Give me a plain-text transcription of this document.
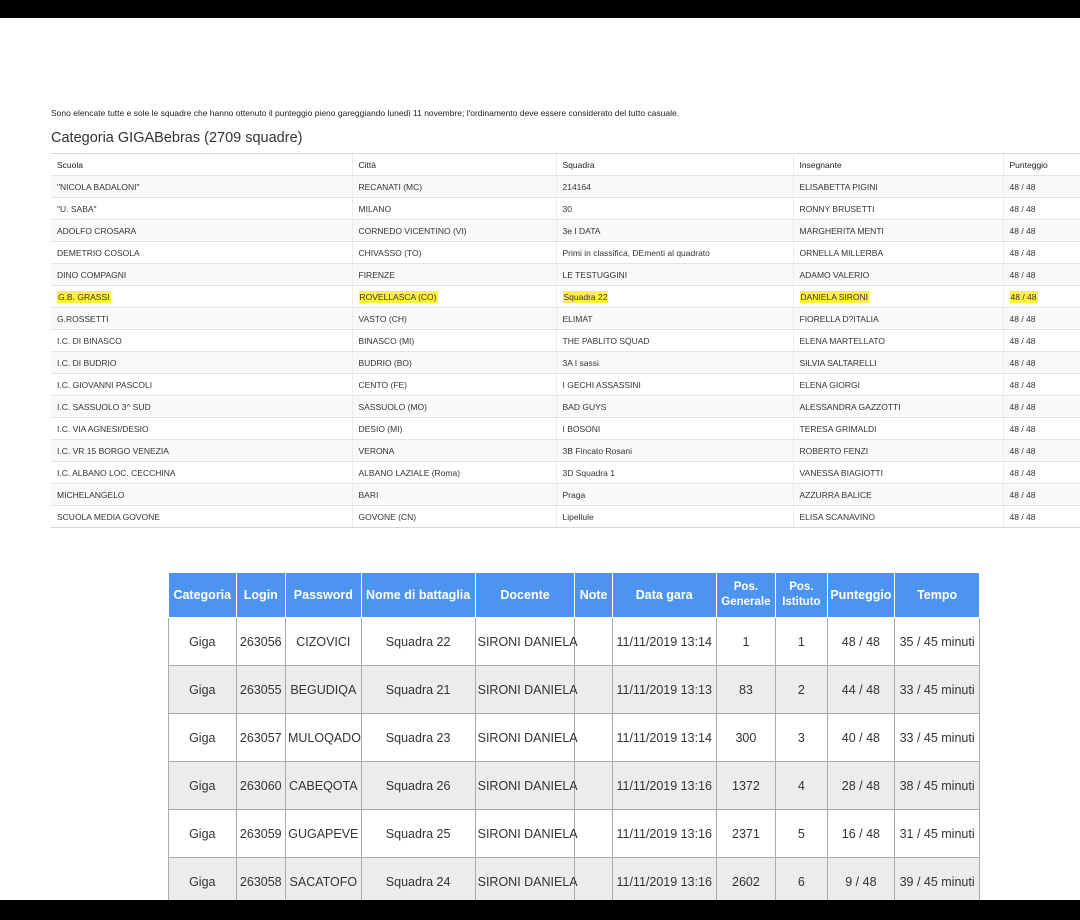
Sono elencate tutte e sole le squadre che hanno ottenuto il punteggio pieno gareggiando lunedì 11 novembre; l'ordinamento deve essere considerato del tutto casuale.
Categoria GIGABebras (2709 squadre)
Scuola	Città	Squadra	Insegnante	Punteggio
"NICOLA BADALONI"	RECANATI (MC)	214164	ELISABETTA PIGINI	48 / 48
"U. SABA"	MILANO	30	RONNY BRUSETTI	48 / 48
ADOLFO CROSARA	CORNEDO VICENTINO (VI)	3e I DATA	MARGHERITA MENTI	48 / 48
DEMETRIO COSOLA	CHIVASSO (TO)	Primi in classifica, DEmenti al quadrato	ORNELLA MILLERBA	48 / 48
DINO COMPAGNI	FIRENZE	LE TESTUGGINI	ADAMO VALERIO	48 / 48
G.B. GRASSI	ROVELLASCA (CO)	Squadra 22	DANIELA SIRONI	48 / 48
G.ROSSETTI	VASTO (CH)	ELIMAT	FIORELLA D?ITALIA	48 / 48
I.C. DI BINASCO	BINASCO (MI)	THE PABLITO SQUAD	ELENA MARTELLATO	48 / 48
I.C. DI BUDRIO	BUDRIO (BO)	3A I sassi	SILVIA SALTARELLI	48 / 48
I.C. GIOVANNI PASCOLI	CENTO (FE)	I GECHI ASSASSINI	ELENA GIORGI	48 / 48
I.C. SASSUOLO 3^ SUD	SASSUOLO (MO)	BAD GUYS	ALESSANDRA GAZZOTTI	48 / 48
I.C. VIA AGNESI/DESIO	DESIO (MI)	I BOSONI	TERESA GRIMALDI	48 / 48
I.C. VR 15 BORGO VENEZIA	VERONA	3B Fincato Rosani	ROBERTO FENZI	48 / 48
I.C. ALBANO LOC. CECCHINA	ALBANO LAZIALE (Roma)	3D Squadra 1	VANESSA BIAGIOTTI	48 / 48
MICHELANGELO	BARI	Praga	AZZURRA BALICE	48 / 48
SCUOLA MEDIA GOVONE	GOVONE (CN)	Lipellule	ELISA SCANAVINO	48 / 48
Categoria	Login	Password	Nome di battaglia	Docente	Note	Data gara	Pos. Generale	Pos. Istituto	Punteggio	Tempo
Giga	263056	CIZOVICI	Squadra 22	SIRONI DANIELA		11/11/2019 13:14	1	1	48 / 48	35 / 45 minuti
Giga	263055	BEGUDIQA	Squadra 21	SIRONI DANIELA		11/11/2019 13:13	83	2	44 / 48	33 / 45 minuti
Giga	263057	MULOQADO	Squadra 23	SIRONI DANIELA		11/11/2019 13:14	300	3	40 / 48	33 / 45 minuti
Giga	263060	CABEQOTA	Squadra 26	SIRONI DANIELA		11/11/2019 13:16	1372	4	28 / 48	38 / 45 minuti
Giga	263059	GUGAPEVE	Squadra 25	SIRONI DANIELA		11/11/2019 13:16	2371	5	16 / 48	31 / 45 minuti
Giga	263058	SACATOFO	Squadra 24	SIRONI DANIELA		11/11/2019 13:16	2602	6	9 / 48	39 / 45 minuti
